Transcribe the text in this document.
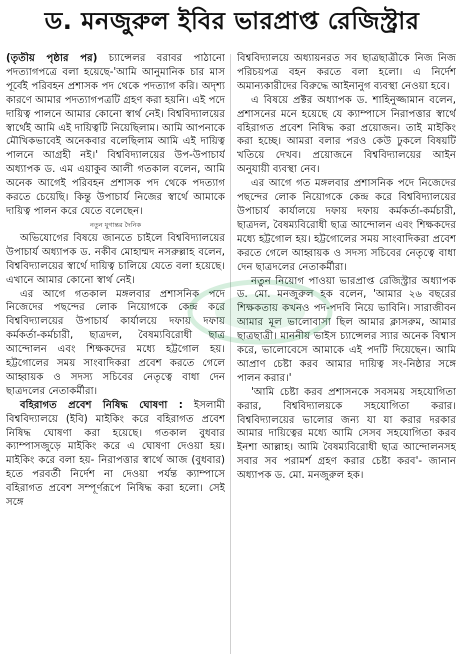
ড. মনজুরুল ইবির ভারপ্রাপ্ত রেজিস্ট্রার

(তৃতীয় পৃষ্ঠার পর) চ্যান্সেলর বরাবর পাঠানো পদত্যাগপত্রে বলা হয়েছে-'আমি আনুমানিক চার মাস পূর্বেই পরিবহন প্রশাসক পদ থেকে পদত্যাগ করি। অদৃশ্য কারণে আমার পদত্যাগপত্রটি গ্রহণ করা হয়নি। এই পদে দায়িত্ব পালনে আমার কোনো স্বার্থ নেই। বিশ্ববিদ্যালয়ের স্বার্থেই আমি এই দায়িত্বটি নিয়েছিলাম। আমি আপনাকে মৌখিকভাবেই অনেকবার বলেছিলাম আমি এই দায়িত্ব পালনে আগ্রহী নই।' বিশ্ববিদ্যালয়ের উপ-উপাচার্য অধ্যাপক ড. এম এয়াকুব আলী গতকাল বলেন, আমি অনেক আগেই পরিবহন প্রশাসক পদ থেকে পদত্যাগ করতে চেয়েছি। কিন্তু উপাচার্য নিজের স্বার্থে আমাকে দায়িত্ব পালন করে যেতে বলেছেন।

নতুন যুগান্তর দৈনিক

অভিযোগের বিষয়ে জানতে চাইলে বিশ্ববিদ্যালয়ের উপাচার্য অধ্যাপক ড. নকীব মোহাম্মদ নসরুল্লাহ বলেন, বিশ্ববিদ্যালয়ের স্বার্থে দায়িত্ব চালিয়ে যেতে বলা হয়েছে। এখানে আমার কোনো স্বার্থ নেই।

এর আগে গতকাল মঙ্গলবার প্রশাসনিক পদে নিজেদের পছন্দের লোক নিয়োগকে কেন্দ্র করে বিশ্ববিদ্যালয়ের উপাচার্য কার্যালয়ে দফায় দফায় কর্মকর্তা-কর্মচারী, ছাত্রদল, বৈষম্যবিরোধী ছাত্র আন্দোলন এবং শিক্ষকদের মধ্যে হট্টগোল হয়। হট্টগোলের সময় সাংবাদিকরা প্রবেশ করতে গেলে আহ্বায়ক ও সদস্য সচিবের নেতৃত্বে বাধা দেন ছাত্রদলের নেতাকর্মীরা।

বহিরাগত প্রবেশ নিষিদ্ধ ঘোষণা : ইসলামী বিশ্ববিদ্যালয়ে (ইবি) মাইকিং করে বহিরাগত প্রবেশ নিষিদ্ধ ঘোষণা করা হয়েছে। গতকাল বুধবার ক্যাম্পাসজুড়ে মাইকিং করে এ ঘোষণা দেওয়া হয়। মাইকিং করে বলা হয়- নিরাপত্তার স্বার্থে আজ (বুধবার) হতে পরবর্তী নির্দেশ না দেওয়া পর্যন্ত ক্যাম্পাসে বহিরাগত প্রবেশ সম্পূর্ণরূপে নিষিদ্ধ করা হলো। সেই সঙ্গে

বিশ্ববিদ্যালয়ে অধ্যায়নরত সব ছাত্রছাত্রীকে নিজ নিজ পরিচয়পত্র বহন করতে বলা হলো। এ নির্দেশ অমান্যকারীদের বিরুদ্ধে আইনানুগ ব্যবস্থা নেওয়া হবে।

এ বিষয়ে প্রক্টর অধ্যাপক ড. শাহিনুজ্জামান বলেন, প্রশাসনের মনে হয়েছে যে ক্যাম্পাসে নিরাপত্তার স্বার্থে বহিরাগত প্রবেশ নিষিদ্ধ করা প্রয়োজন। তাই মাইকিং করা হচ্ছে। আমরা বলার পরও কেউ ঢুকলে বিষয়টি খতিয়ে দেখব। প্রয়োজনে বিশ্ববিদ্যালয়ের আইন অনুযায়ী ব্যবস্থা নেব।

এর আগে গত মঙ্গলবার প্রশাসনিক পদে নিজেদের পছন্দের লোক নিয়োগকে কেন্দ্র করে বিশ্ববিদ্যালয়ের উপাচার্য কার্যালয়ে দফায় দফায় কর্মকর্তা-কর্মচারী, ছাত্রদল, বৈষম্যবিরোধী ছাত্র আন্দোলন এবং শিক্ষকদের মধ্যে হট্টগোল হয়। হট্টগোলের সময় সাংবাদিকরা প্রবেশ করতে গেলে আহ্বায়ক ও সদস্য সচিবের নেতৃত্বে বাধা দেন ছাত্রদলের নেতাকর্মীরা।

নতুন নিয়োগ পাওয়া ভারপ্রাপ্ত রেজিস্ট্রার অধ্যাপক ড. মো. মনজুরুল হক বলেন, 'আমার ২৬ বছরের শিক্ষকতায় কখনও পদ-পদবি নিয়ে ভাবিনি। সারাজীবন আমার মূল ভালোবাসা ছিল আমার ক্লাসরুম, আমার ছাত্রছাত্রী। মাননীয় ভাইস চ্যান্সেলর স্যার অনেক বিশ্বাস করে, ভালোবেসে আমাকে এই পদটি দিয়েছেন। আমি আপ্রাণ চেষ্টা করব আমার দায়িত্ব সং-নিষ্ঠার সঙ্গে পালন করার।'

'আমি চেষ্টা করব প্রশাসনকে সবসময় সহযোগিতা করার, বিশ্ববিদ্যালয়কে সহযোগিতা করার। বিশ্ববিদ্যালয়ের ভালোর জন্য যা যা করার দরকার আমার দায়িত্বের মধ্যে আমি সেসব সহযোগিতা করব ইনশা আল্লাহ। আমি বৈষম্যবিরোধী ছাত্র আন্দোলনসহ সবার সব পরামর্শ গ্রহণ করার চেষ্টা করব'- জানান অধ্যাপক ড. মো. মনজুরুল হক।
